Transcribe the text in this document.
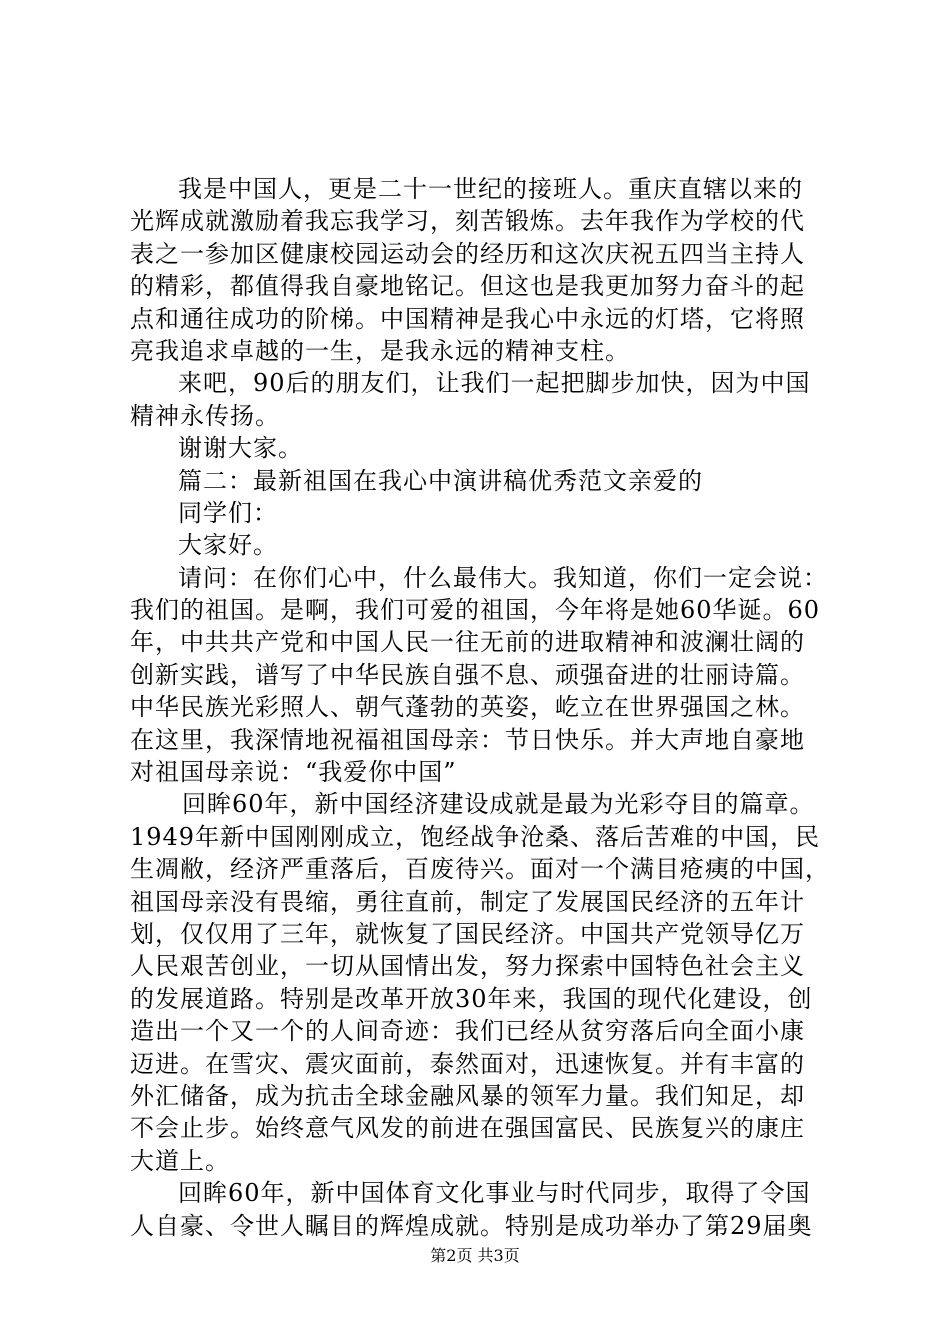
我是中国人，更是二十一世纪的接班人。重庆直辖以来的
光辉成就激励着我忘我学习，刻苦锻炼。去年我作为学校的代
表之一参加区健康校园运动会的经历和这次庆祝五四当主持人
的精彩，都值得我自豪地铭记。但这也是我更加努力奋斗的起
点和通往成功的阶梯。中国精神是我心中永远的灯塔，它将照
亮我追求卓越的一生，是我永远的精神支柱。
来吧，90后的朋友们，让我们一起把脚步加快，因为中国
精神永传扬。
谢谢大家。
篇二：最新祖国在我心中演讲稿优秀范文亲爱的
同学们：
大家好。
请问：在你们心中，什么最伟大。我知道，你们一定会说：
我们的祖国。是啊，我们可爱的祖国，今年将是她60华诞。60
年，中共共产党和中国人民一往无前的进取精神和波澜壮阔的
创新实践，谱写了中华民族自强不息、顽强奋进的壮丽诗篇。
中华民族光彩照人、朝气蓬勃的英姿，屹立在世界强国之林。
在这里，我深情地祝福祖国母亲：节日快乐。并大声地自豪地
对祖国母亲说：“我爱你中国”
回眸60年，新中国经济建设成就是最为光彩夺目的篇章。
1949年新中国刚刚成立，饱经战争沧桑、落后苦难的中国，民
生凋敝，经济严重落后，百废待兴。面对一个满目疮痍的中国，
祖国母亲没有畏缩，勇往直前，制定了发展国民经济的五年计
划，仅仅用了三年，就恢复了国民经济。中国共产党领导亿万
人民艰苦创业，一切从国情出发，努力探索中国特色社会主义
的发展道路。特别是改革开放30年来，我国的现代化建设，创
造出一个又一个的人间奇迹：我们已经从贫穷落后向全面小康
迈进。在雪灾、震灾面前，泰然面对，迅速恢复。并有丰富的
外汇储备，成为抗击全球金融风暴的领军力量。我们知足，却
不会止步。始终意气风发的前进在强国富民、民族复兴的康庄
大道上。
回眸60年，新中国体育文化事业与时代同步，取得了令国
人自豪、令世人瞩目的辉煌成就。特别是成功举办了第29届奥
第2页 共3页
